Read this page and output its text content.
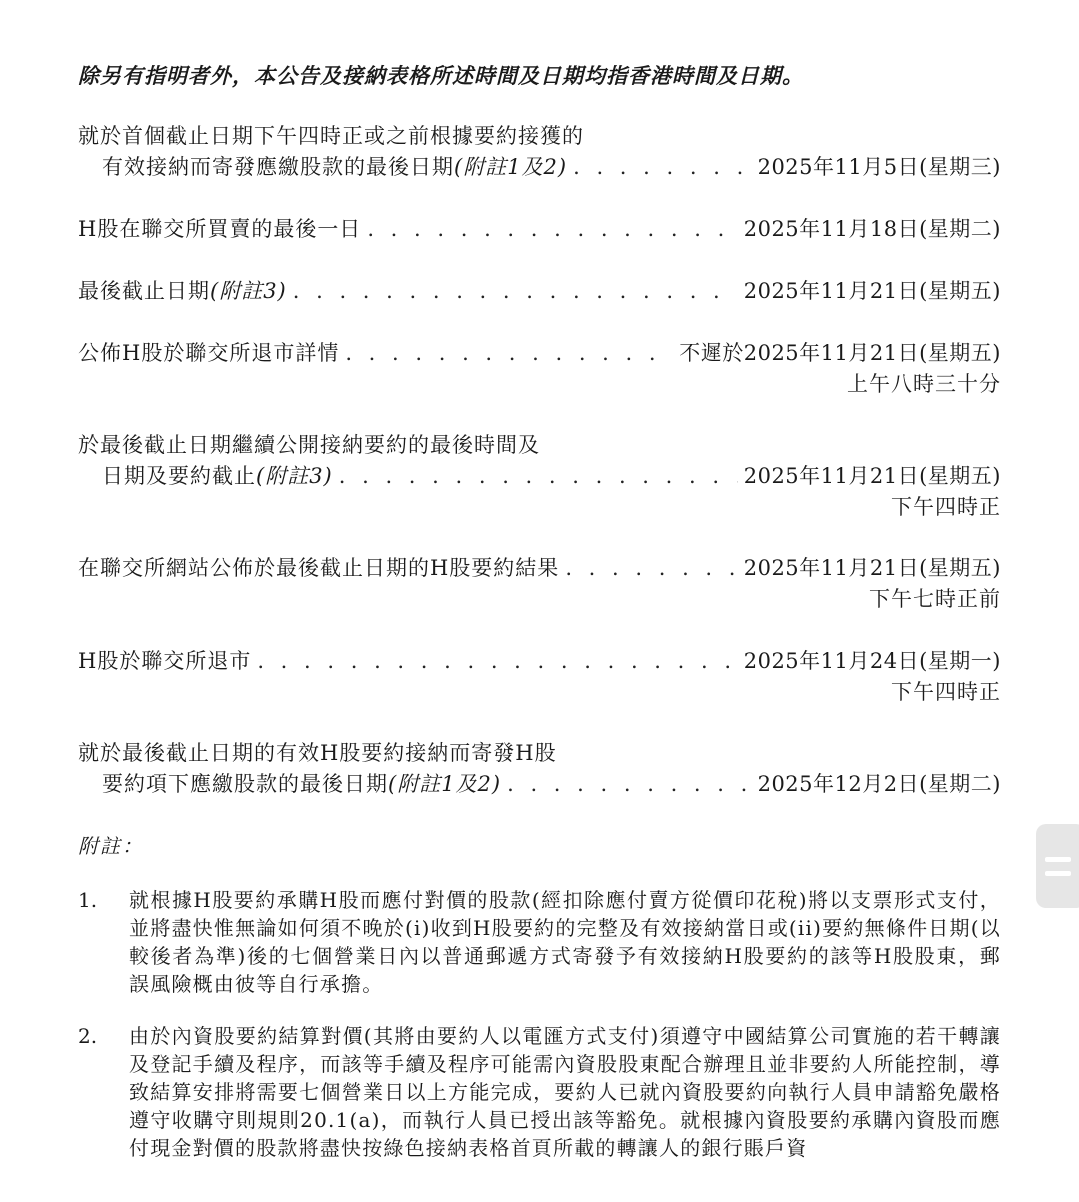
除另有指明者外，本公告及接納表格所述時間及日期均指香港時間及日期。
就於首個截止日期下午四時正或之前根據要約接獲的
有效接納而寄發應繳股款的最後日期(附註1及2) . . .	2025年11月5日(星期三)
H股在聯交所買賣的最後一日 . . .	2025年11月18日(星期二)
最後截止日期(附註3) . . .	2025年11月21日(星期五)
公佈H股於聯交所退市詳情 . . .	不遲於2025年11月21日(星期五)
上午八時三十分
於最後截止日期繼續公開接納要約的最後時間及
日期及要約截止(附註3) . . .	2025年11月21日(星期五)
下午四時正
在聯交所網站公佈於最後截止日期的H股要約結果 . . .	2025年11月21日(星期五)
下午七時正前
H股於聯交所退市 . . .	2025年11月24日(星期一)
下午四時正
就於最後截止日期的有效H股要約接納而寄發H股
要約項下應繳股款的最後日期(附註1及2) . . .	2025年12月2日(星期二)
附註：
1. 就根據H股要約承購H股而應付對價的股款(經扣除應付賣方從價印花稅)將以支票形式支付，並將盡快惟無論如何須不晚於(i)收到H股要約的完整及有效接納當日或(ii)要約無條件日期(以較後者為準)後的七個營業日內以普通郵遞方式寄發予有效接納H股要約的該等H股股東，郵誤風險概由彼等自行承擔。
2. 由於內資股要約結算對價(其將由要約人以電匯方式支付)須遵守中國結算公司實施的若干轉讓及登記手續及程序，而該等手續及程序可能需內資股股東配合辦理且並非要約人所能控制，導致結算安排將需要七個營業日以上方能完成，要約人已就內資股要約向執行人員申請豁免嚴格遵守收購守則規則20.1(a)，而執行人員已授出該等豁免。就根據內資股要約承購內資股而應付現金對價的股款將盡快按綠色接納表格首頁所載的轉讓人的銀行賬戶資
